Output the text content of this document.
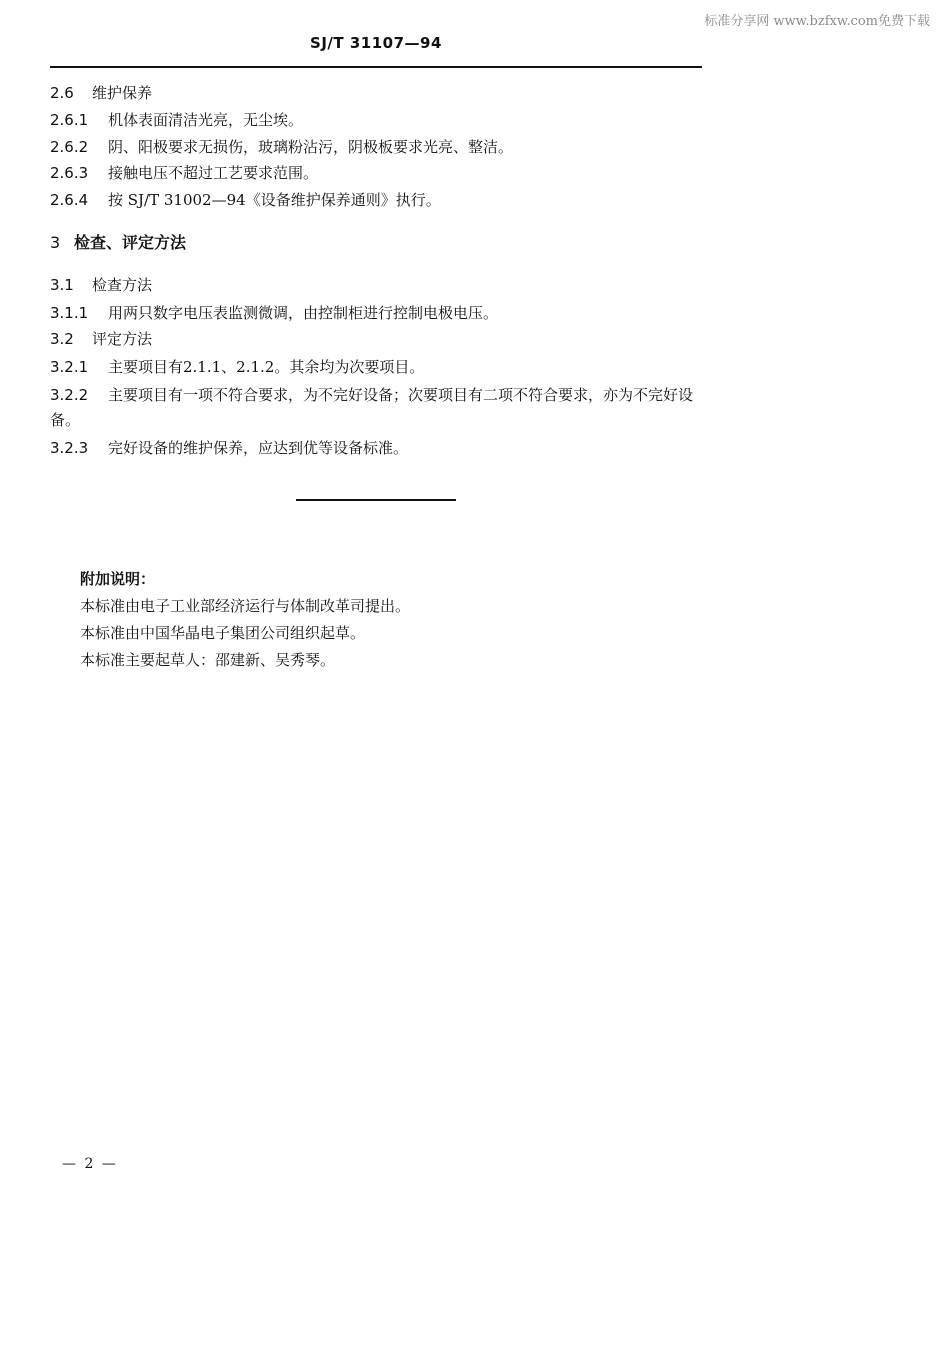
标准分享网 www.bzfxw.com免费下载
SJ/T 31107—94
2.6 维护保养
2.6.1 机体表面清洁光亮，无尘埃。
2.6.2 阴、阳极要求无损伤，玻璃粉沾污，阴极板要求光亮、整洁。
2.6.3 接触电压不超过工艺要求范围。
2.6.4 按 SJ/T 31002—94《设备维护保养通则》执行。
3 检查、评定方法
3.1 检查方法
3.1.1 用两只数字电压表监测微调，由控制柜进行控制电极电压。
3.2 评定方法
3.2.1 主要项目有2.1.1、2.1.2。其余均为次要项目。
3.2.2 主要项目有一项不符合要求，为不完好设备；次要项目有二项不符合要求，亦为不完好设备。
3.2.3 完好设备的维护保养，应达到优等设备标准。
附加说明：
本标准由电子工业部经济运行与体制改革司提出。
本标准由中国华晶电子集团公司组织起草。
本标准主要起草人：邵建新、吴秀琴。
— 2 —
